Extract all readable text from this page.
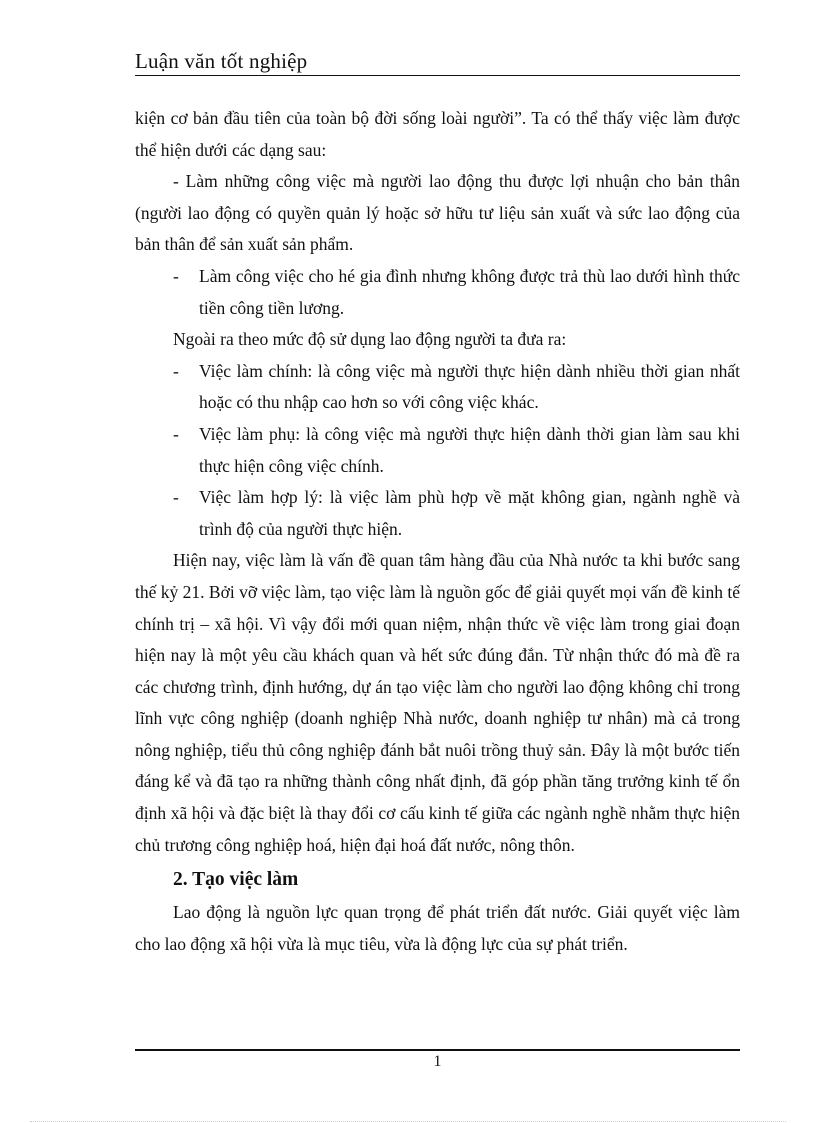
Luận văn tốt nghiệp

kiện cơ bản đầu tiên của toàn bộ đời sống loài người”. Ta có thể thấy việc làm được thể hiện dưới các dạng sau:

- Làm những công việc mà người lao động thu được lợi nhuận cho bản thân (người lao động có quyền quản lý hoặc sở hữu tư liệu sản xuất và sức lao động của bản thân để sản xuất sản phẩm.

- Làm công việc cho hé gia đình nhưng không được trả thù lao dưới hình thức tiền công tiền lương.

Ngoài ra theo mức độ sử dụng lao động người ta đưa ra:

- Việc làm chính: là công việc mà người thực hiện dành nhiều thời gian nhất hoặc có thu nhập cao hơn so với công việc khác.
- Việc làm phụ: là công việc mà người thực hiện dành thời gian làm sau khi thực hiện công việc chính.
- Việc làm hợp lý: là việc làm phù hợp về mặt không gian, ngành nghề và trình độ của người thực hiện.

Hiện nay, việc làm là vấn đề quan tâm hàng đầu của Nhà nước ta khi bước sang thế kỷ 21. Bởi vỡ việc làm, tạo việc làm là nguồn gốc để giải quyết mọi vấn đề kinh tế chính trị – xã hội. Vì vậy đổi mới quan niệm, nhận thức về việc làm trong giai đoạn hiện nay là một yêu cầu khách quan và hết sức đúng đắn. Từ nhận thức đó mà đề ra các chương trình, định hướng, dự án tạo việc làm cho người lao động không chỉ trong lĩnh vực công nghiệp (doanh nghiệp Nhà nước, doanh nghiệp tư nhân) mà cả trong nông nghiệp, tiểu thủ công nghiệp đánh bắt nuôi trồng thuỷ sản. Đây là một bước tiến đáng kể và đã tạo ra những thành công nhất định, đã góp phần tăng trưởng kinh tế ổn định xã hội và đặc biệt là thay đổi cơ cấu kinh tế giữa các ngành nghề nhằm thực hiện chủ trương công nghiệp hoá, hiện đại hoá đất nước, nông thôn.

2. Tạo việc làm

Lao động là nguồn lực quan trọng để phát triển đất nước. Giải quyết việc làm cho lao động xã hội vừa là mục tiêu, vừa là động lực của sự phát triển.

1
